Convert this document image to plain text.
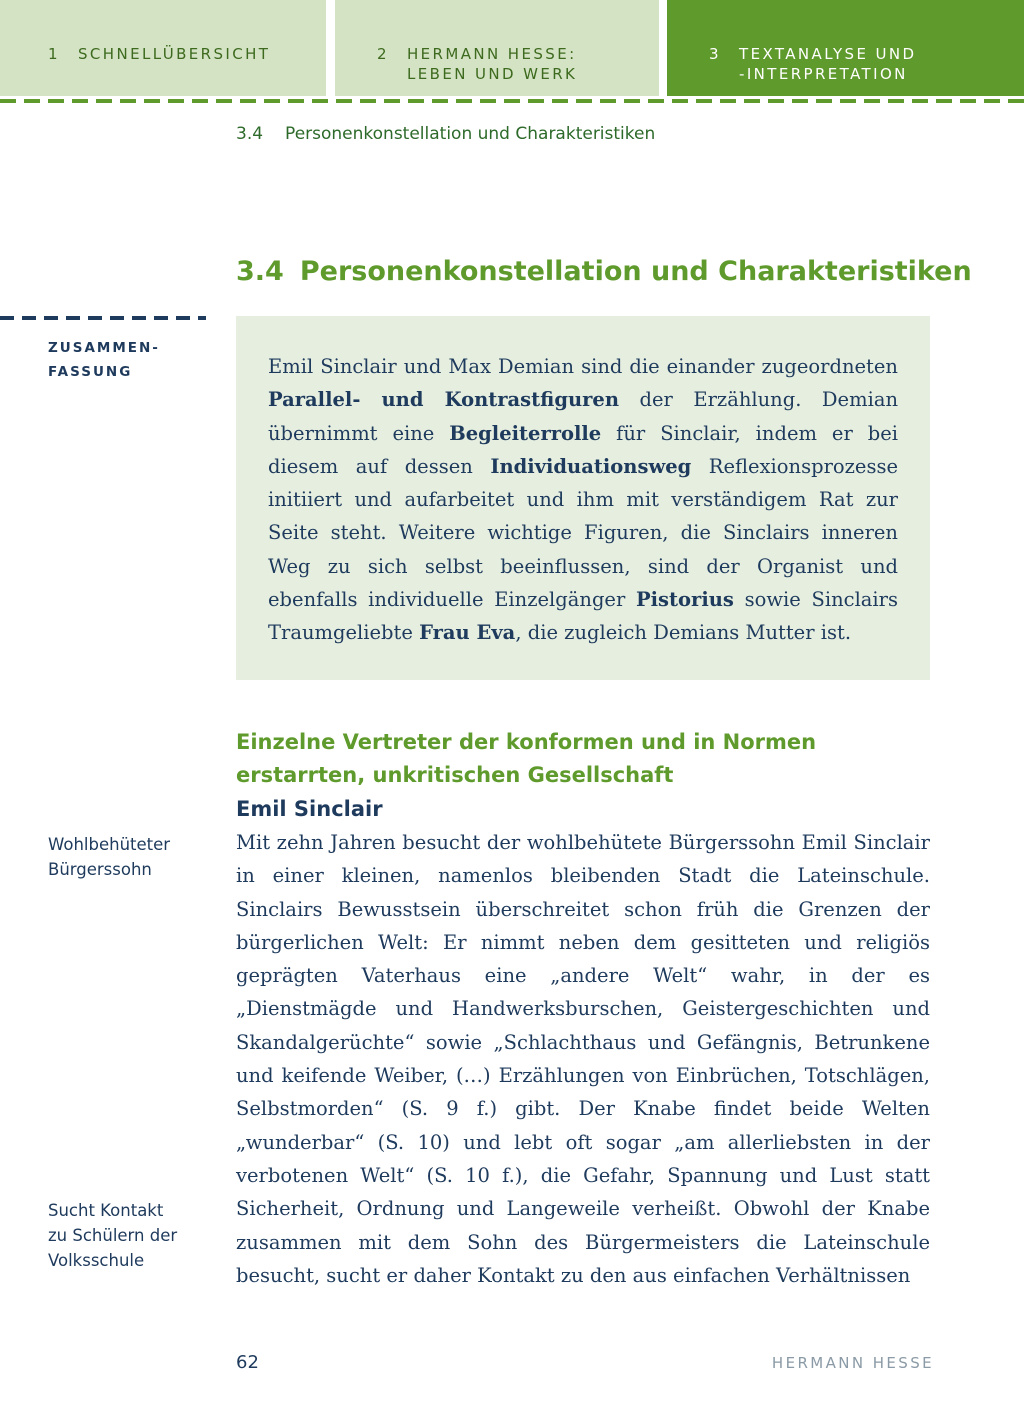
1 SCHNELLÜBERSICHT	2 HERMANN HESSE:
LEBEN UND WERK
3 TEXTANALYSE UND
-INTERPRETATION
3.4 Personenkonstellation und Charakteristiken
3.4 Personenkonstellation und Charakteristiken
ZUSAMMEN-
FASSUNG	Emil Sinclair und Max Demian sind die einander zugeordneten Parallel- und Kontrastfiguren der Erzählung. Demian übernimmt eine Begleiterrolle für Sinclair, indem er bei diesem auf dessen Individuationsweg Reflexionsprozesse initiiert und aufarbeitet und ihm mit verständigem Rat zur Seite steht. Weitere wichtige Figuren, die Sinclairs inneren Weg zu sich selbst beeinflussen, sind der Organist und ebenfalls individuelle Einzelgänger Pistorius sowie Sinclairs Traumgeliebte Frau Eva, die zugleich Demians Mutter ist.

Einzelne Vertreter der konformen und in Normen erstarrten, unkritischen Gesellschaft
Emil Sinclair

Wohlbehüteter
Bürgerssohn

Sucht Kontakt
zu Schülern der
Volksschule

Mit zehn Jahren besucht der wohlbehütete Bürgerssohn Emil Sinclair in einer kleinen, namenlos bleibenden Stadt die Lateinschule. Sinclairs Bewusstsein überschreitet schon früh die Grenzen der bürgerlichen Welt: Er nimmt neben dem gesitteten und religiös geprägten Vaterhaus eine „andere Welt“ wahr, in der es „Dienstmägde und Handwerksburschen, Geistergeschichten und Skandalgerüchte“ sowie „Schlachthaus und Gefängnis, Betrunkene und keifende Weiber, (…) Erzählungen von Einbrüchen, Totschlägen, Selbstmorden“ (S. 9 f.) gibt. Der Knabe findet beide Welten „wunderbar“ (S. 10) und lebt oft sogar „am allerliebsten in der verbotenen Welt“ (S. 10 f.), die Gefahr, Spannung und Lust statt Sicherheit, Ordnung und Langeweile verheißt. Obwohl der Knabe zusammen mit dem Sohn des Bürgermeisters die Lateinschule besucht, sucht er daher Kontakt zu den aus einfachen Verhältnissen

62	HERMANN HESSE
